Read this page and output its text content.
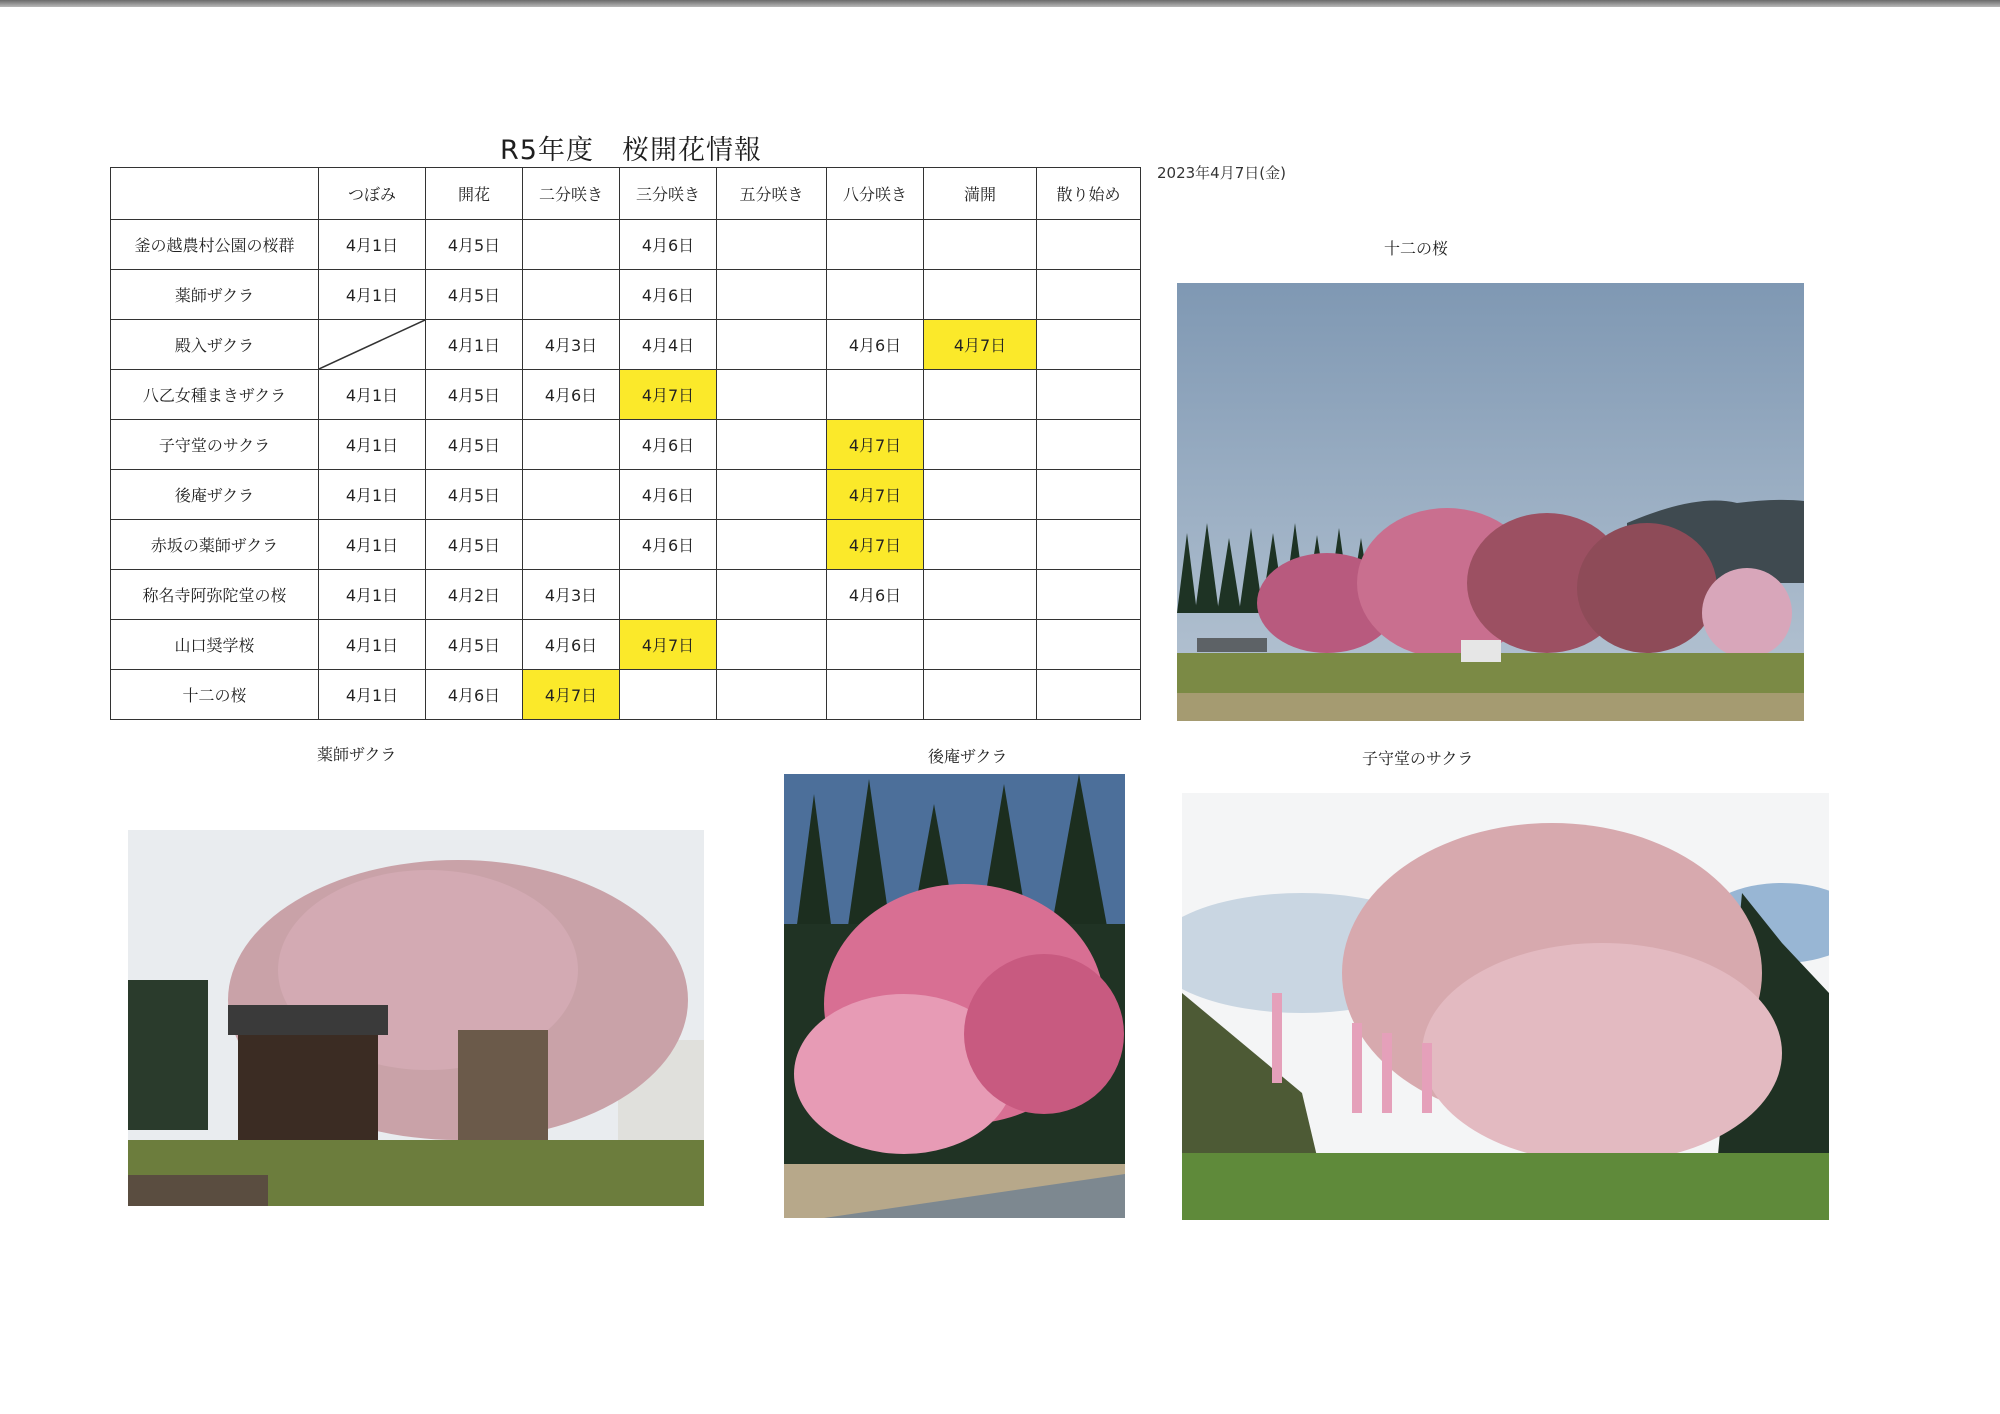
R5年度　桜開花情報
2023年4月7日(金)
	つぼみ	開花	二分咲き	三分咲き	五分咲き	八分咲き	満開	散り始め
釜の越農村公園の桜群	4月1日	4月5日		4月6日				
薬師ザクラ	4月1日	4月5日		4月6日				
殿入ザクラ		4月1日	4月3日	4月4日		4月6日	4月7日	
八乙女種まきザクラ	4月1日	4月5日	4月6日	4月7日				
子守堂のサクラ	4月1日	4月5日		4月6日		4月7日		
後庵ザクラ	4月1日	4月5日		4月6日		4月7日		
赤坂の薬師ザクラ	4月1日	4月5日		4月6日		4月7日		
称名寺阿弥陀堂の桜	4月1日	4月2日	4月3日			4月6日		
山口奨学桜	4月1日	4月5日	4月6日	4月7日				
十二の桜	4月1日	4月6日	4月7日					
十二の桜
薬師ザクラ	後庵ザクラ	子守堂のサクラ
